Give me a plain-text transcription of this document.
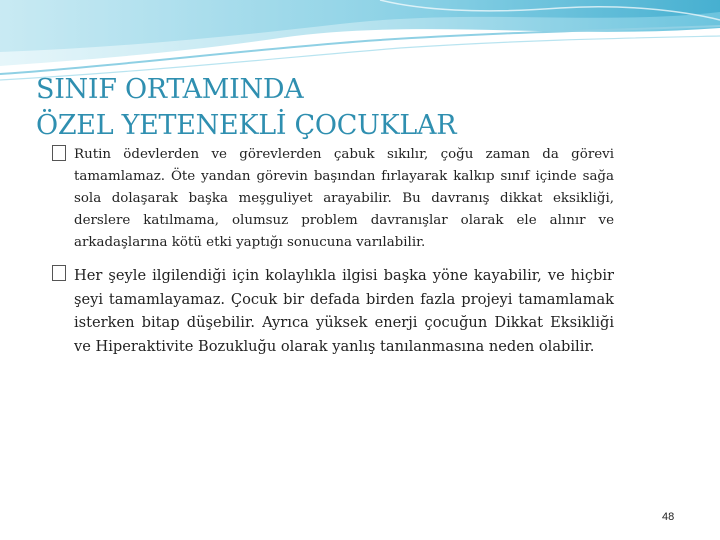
SINIF ORTAMINDA
ÖZEL YETENEKLİ ÇOCUKLAR
Rutin ödevlerden ve görevlerden çabuk sıkılır, çoğu zaman da görevi tamamlamaz. Öte yandan görevin başından fırlayarak kalkıp sınıf içinde sağa sola dolaşarak başka meşguliyet arayabilir. Bu davranış dikkat eksikliği, derslere katılmama, olumsuz problem davranışlar olarak ele alınır ve arkadaşlarına kötü etki yaptığı sonucuna varılabilir.
Her şeyle ilgilendiği için kolaylıkla ilgisi başka yöne kayabilir, ve hiçbir şeyi tamamlayamaz. Çocuk bir defada birden fazla projeyi tamamlamak isterken bitap düşebilir. Ayrıca yüksek enerji çocuğun Dikkat Eksikliği ve Hiperaktivite Bozukluğu olarak yanlış tanılanmasına neden olabilir.
48
